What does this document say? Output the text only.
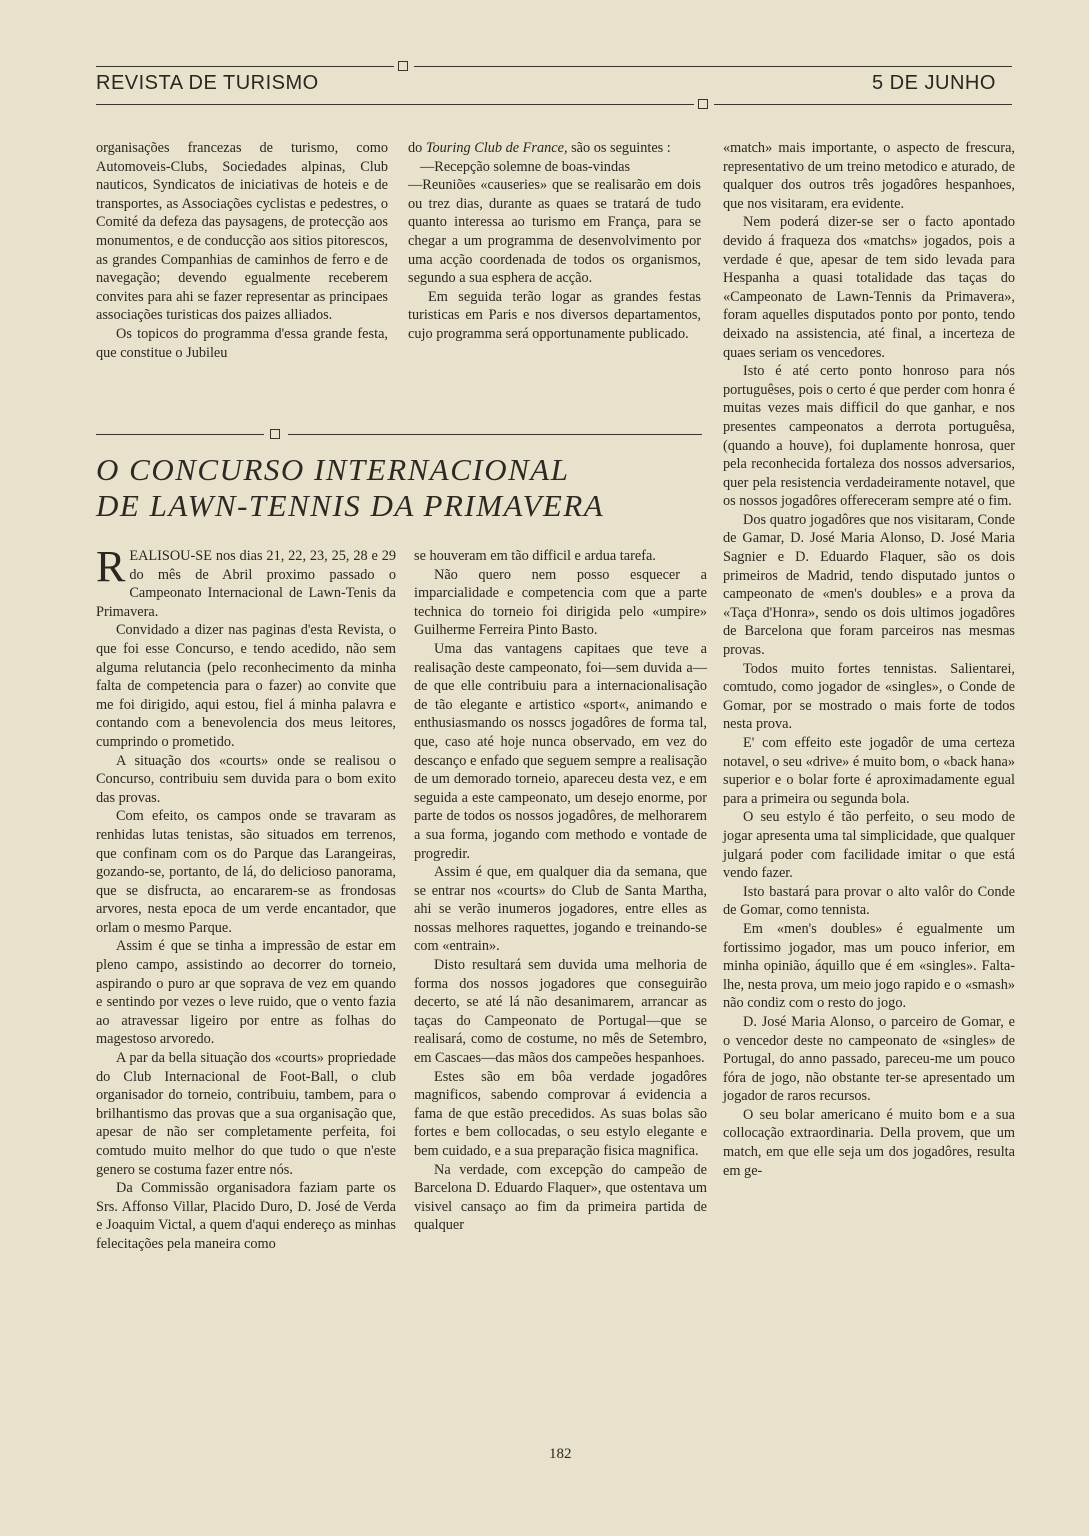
REVISTA DE TURISMO	5 DE JUNHO

organisações francezas de turismo, como Automoveis-Clubs, Sociedades alpinas, Club nauticos, Syndicatos de iniciativas de hoteis e de transportes, as Associações cyclistas e pedestres, o Comité da defeza das paysagens, de protecção aos monumentos, e de conducção aos sitios pitorescos, as grandes Companhias de caminhos de ferro e de navegação; devendo egualmente receberem convites para ahi se fazer representar as principaes associações turisticas dos paizes alliados.

Os topicos do programma d'essa grande festa, que constitue o Jubileu

do Touring Club de France, são os seguintes :

—Recepção solemne de boas-vindas

—Reuniões «causeries» que se realisarão em dois ou trez dias, durante as quaes se tratará de tudo quanto interessa ao turismo em França, para se chegar a um programma de desenvolvimento por uma acção coordenada de todos os organismos, segundo a sua esphera de acção.

Em seguida terão logar as grandes festas turisticas em Paris e nos diversos departamentos, cujo programma será opportunamente publicado.

O CONCURSO INTERNACIONAL
DE LAWN-TENNIS DA PRIMAVERA

REALISOU-SE nos dias 21, 22, 23, 25, 28 e 29 do mês de Abril proximo passado o Campeonato Internacional de Lawn-Tenis da Primavera.

Convidado a dizer nas paginas d'esta Revista, o que foi esse Concurso, e tendo acedido, não sem alguma relutancia (pelo reconhecimento da minha falta de competencia para o fazer) ao convite que me foi dirigido, aqui estou, fiel á minha palavra e contando com a benevolencia dos meus leitores, cumprindo o prometido.

A situação dos «courts» onde se realisou o Concurso, contribuiu sem duvida para o bom exito das provas.

Com efeito, os campos onde se travaram as renhidas lutas tenistas, são situados em terrenos, que confinam com os do Parque das Larangeiras, gozando-se, portanto, de lá, do delicioso panorama, que se disfructa, ao encararem-se as frondosas arvores, nesta epoca de um verde encantador, que orlam o mesmo Parque.

Assim é que se tinha a impressão de estar em pleno campo, assistindo ao decorrer do torneio, aspirando o puro ar que soprava de vez em quando e sentindo por vezes o leve ruido, que o vento fazia ao atravessar ligeiro por entre as folhas do magestoso arvoredo.

A par da bella situação dos «courts» propriedade do Club Internacional de Foot-Ball, o club organisador do torneio, contribuiu, tambem, para o brilhantismo das provas que a sua organisação que, apesar de não ser completamente perfeita, foi comtudo muito melhor do que tudo o que n'este genero se costuma fazer entre nós.

Da Commissão organisadora faziam parte os Srs. Affonso Villar, Placido Duro, D. José de Verda e Joaquim Victal, a quem d'aqui endereço as minhas felecitações pela maneira como

se houveram em tão difficil e ardua tarefa.

Não quero nem posso esquecer a imparcialidade e competencia com que a parte technica do torneio foi dirigida pelo «umpire» Guilherme Ferreira Pinto Basto.

Uma das vantagens capitaes que teve a realisação deste campeonato, foi—sem duvida a—de que elle contribuiu para a internacionalisação de tão elegante e artistico «sport«, animando e enthusiasmando os nosscs jogadôres de forma tal, que, caso até hoje nunca observado, em vez do descanço e enfado que seguem sempre a realisação de um demorado torneio, apareceu desta vez, e em seguida a este campeonato, um desejo enorme, por parte de todos os nossos jogadôres, de melhorarem a sua forma, jogando com methodo e vontade de progredir.

Assim é que, em qualquer dia da semana, que se entrar nos «courts» do Club de Santa Martha, ahi se verão inumeros jogadores, entre elles as nossas melhores raquettes, jogando e treinando-se com «entrain».

Disto resultará sem duvida uma melhoria de forma dos nossos jogadores que conseguirão decerto, se até lá não desanimarem, arrancar as taças do Campeonato de Portugal—que se realisará, como de costume, no mês de Setembro, em Cascaes—das mãos dos campeões hespanhoes.

Estes são em bôa verdade jogadôres magnificos, sabendo comprovar á evidencia a fama de que estão precedidos. As suas bolas são fortes e bem collocadas, o seu estylo elegante e bem cuidado, e a sua preparação fisica magnifica.

Na verdade, com excepção do campeão de Barcelona D. Eduardo Flaquer», que ostentava um visivel cansaço ao fim da primeira partida de qualquer

«match» mais importante, o aspecto de frescura, representativo de um treino metodico e aturado, de qualquer dos outros três jogadôres hespanhoes, que nos visitaram, era evidente.

Nem poderá dizer-se ser o facto apontado devido á fraqueza dos «matchs» jogados, pois a verdade é que, apesar de tem sido levada para Hespanha a quasi totalidade das taças do «Campeonato de Lawn-Tennis da Primavera», foram aquelles disputados ponto por ponto, tendo deixado na assistencia, até final, a incerteza de quaes seriam os vencedores.

Isto é até certo ponto honroso para nós portuguêses, pois o certo é que perder com honra é muitas vezes mais difficil do que ganhar, e nos presentes campeonatos a derrota portuguêsa, (quando a houve), foi duplamente honrosa, quer pela reconhecida fortaleza dos nossos adversarios, quer pela resistencia verdadeiramente notavel, que os nossos jogadôres offereceram sempre até o fim.

Dos quatro jogadôres que nos visitaram, Conde de Gamar, D. José Maria Alonso, D. José Maria Sagnier e D. Eduardo Flaquer, são os dois primeiros de Madrid, tendo disputado juntos o campeonato de «men's doubles» e a prova da «Taça d'Honra», sendo os dois ultimos jogadôres de Barcelona que foram parceiros nas mesmas provas.

Todos muito fortes tennistas. Salientarei, comtudo, como jogador de «singles», o Conde de Gomar, por se mostrado o mais forte de todos nesta prova.

E' com effeito este jogadôr de uma certeza notavel, o seu «drive» é muito bom, o «back hana» superior e o bolar forte é aproximadamente egual para a primeira ou segunda bola.

O seu estylo é tão perfeito, o seu modo de jogar apresenta uma tal simplicidade, que qualquer julgará poder com facilidade imitar o que está vendo fazer.

Isto bastará para provar o alto valôr do Conde de Gomar, como tennista.

Em «men's doubles» é egualmente um fortissimo jogador, mas um pouco inferior, em minha opinião, áquillo que é em «singles». Falta-lhe, nesta prova, um meio jogo rapido e o «smash» não condiz com o resto do jogo.

D. José Maria Alonso, o parceiro de Gomar, e o vencedor deste no campeonato de «singles» de Portugal, do anno passado, pareceu-me um pouco fóra de jogo, não obstante ter-se apresentado um jogador de raros recursos.

O seu bolar americano é muito bom e a sua collocação extraordinaria. Della provem, que um match, em que elle seja um dos jogadôres, resulta em ge-

182
